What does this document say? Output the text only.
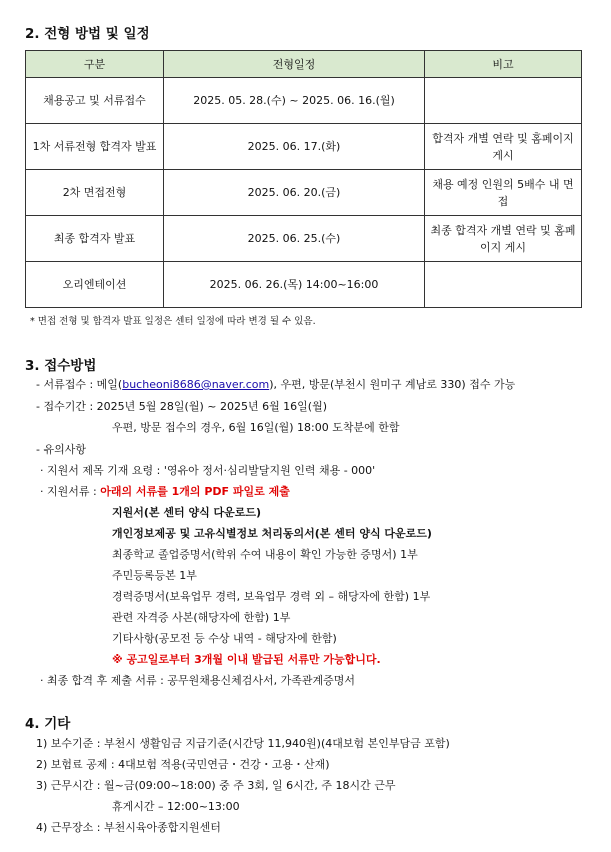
2. 전형 방법 및 일정
구분	전형일정	비고
채용공고 및 서류접수	2025. 05. 28.(수) ~ 2025. 06. 16.(월)	
1차 서류전형 합격자 발표	2025. 06. 17.(화)	합격자 개별 연락 및 홈페이지 게시
2차 면접전형	2025. 06. 20.(금)	채용 예정 인원의 5배수 내 면접
최종 합격자 발표	2025. 06. 25.(수)	최종 합격자 개별 연락 및 홈페이지 게시
오리엔테이션	2025. 06. 26.(목) 14:00~16:00	
* 면접 전형 및 합격자 발표 일정은 센터 일정에 따라 변경 될 수 있음.
3. 접수방법
- 서류접수 : 메일(bucheoni8686@naver.com), 우편, 방문(부천시 원미구 계남로 330) 접수 가능
- 접수기간 : 2025년 5월 28일(월) ~ 2025년 6월 16일(월)
우편, 방문 접수의 경우, 6월 16일(월) 18:00 도착분에 한함
- 유의사항
· 지원서 제목 기재 요령 : '영유아 정서·심리발달지원 인력 채용 - 000'
· 지원서류 : 아래의 서류를 1개의 PDF 파일로 제출
지원서(본 센터 양식 다운로드)
개인정보제공 및 고유식별정보 처리동의서(본 센터 양식 다운로드)
최종학교 졸업증명서(학위 수여 내용이 확인 가능한 증명서) 1부
주민등록등본 1부
경력증명서(보육업무 경력, 보육업무 경력 외 – 해당자에 한함) 1부
관련 자격증 사본(해당자에 한함) 1부
기타사항(공모전 등 수상 내역 - 해당자에 한함)
※ 공고일로부터 3개월 이내 발급된 서류만 가능합니다.
· 최종 합격 후 제출 서류 : 공무원채용신체검사서, 가족관계증명서
4. 기타
1) 보수기준 : 부천시 생활임금 지급기준(시간당 11,940원)(4대보험 본인부담금 포함)
2) 보험료 공제 : 4대보험 적용(국민연금・건강・고용・산재)
3) 근무시간 : 월~금(09:00~18:00) 중 주 3회, 일 6시간, 주 18시간 근무
휴게시간 – 12:00~13:00
4) 근무장소 : 부천시육아종합지원센터
